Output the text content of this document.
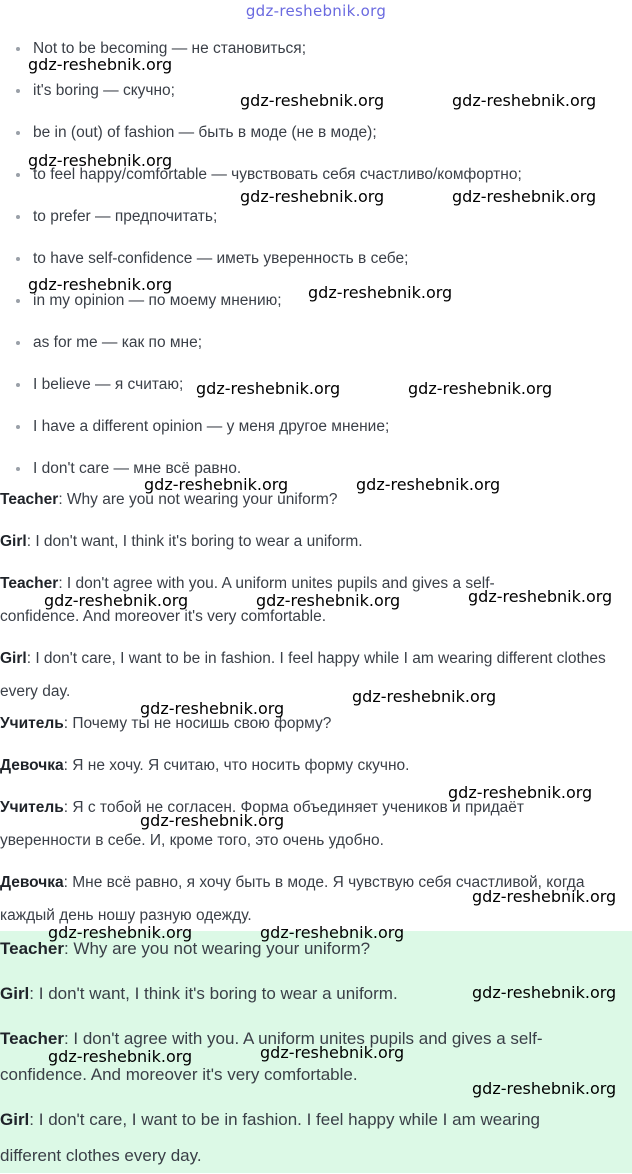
gdz-reshebnik.org
Not to be becoming — не становиться;
it's boring — скучно;
be in (out) of fashion — быть в моде (не в моде);
to feel happy/comfortable — чувствовать себя счастливо/комфортно;
to prefer — предпочитать;
to have self-confidence — иметь уверенность в себе;
in my opinion — по моему мнению;
as for me — как по мне;
I believe — я считаю;
I have a different opinion — у меня другое мнение;
I don't care — мне всё равно.
Teacher: Why are you not wearing your uniform?
Girl: I don't want, I think it's boring to wear a uniform.
Teacher: I don't agree with you. A uniform unites pupils and gives a self-confidence. And moreover it's very comfortable.
Girl: I don't care, I want to be in fashion. I feel happy while I am wearing different clothes every day.
Учитель: Почему ты не носишь свою форму?
Девочка: Я не хочу. Я считаю, что носить форму скучно.
Учитель: Я с тобой не согласен. Форма объединяет учеников и придаёт уверенности в себе. И, кроме того, это очень удобно.
Девочка: Мне всё равно, я хочу быть в моде. Я чувствую себя счастливой, когда каждый день ношу разную одежду.
Teacher: Why are you not wearing your uniform?
Girl: I don't want, I think it's boring to wear a uniform.
Teacher: I don't agree with you. A uniform unites pupils and gives a self-confidence. And moreover it's very comfortable.
Girl: I don't care, I want to be in fashion. I feel happy while I am wearing different clothes every day.
gdz-reshebnik.org
gdz-reshebnik.org	gdz-reshebnik.org
gdz-reshebnik.org
gdz-reshebnik.org	gdz-reshebnik.org
gdz-reshebnik.org	gdz-reshebnik.org
gdz-reshebnik.org	gdz-reshebnik.org
gdz-reshebnik.org	gdz-reshebnik.org
gdz-reshebnik.org	gdz-reshebnik.org	gdz-reshebnik.org
gdz-reshebnik.org
gdz-reshebnik.org
gdz-reshebnik.org
gdz-reshebnik.org
gdz-reshebnik.org
gdz-reshebnik.org	gdz-reshebnik.org
gdz-reshebnik.org
gdz-reshebnik.org	gdz-reshebnik.org
gdz-reshebnik.org
